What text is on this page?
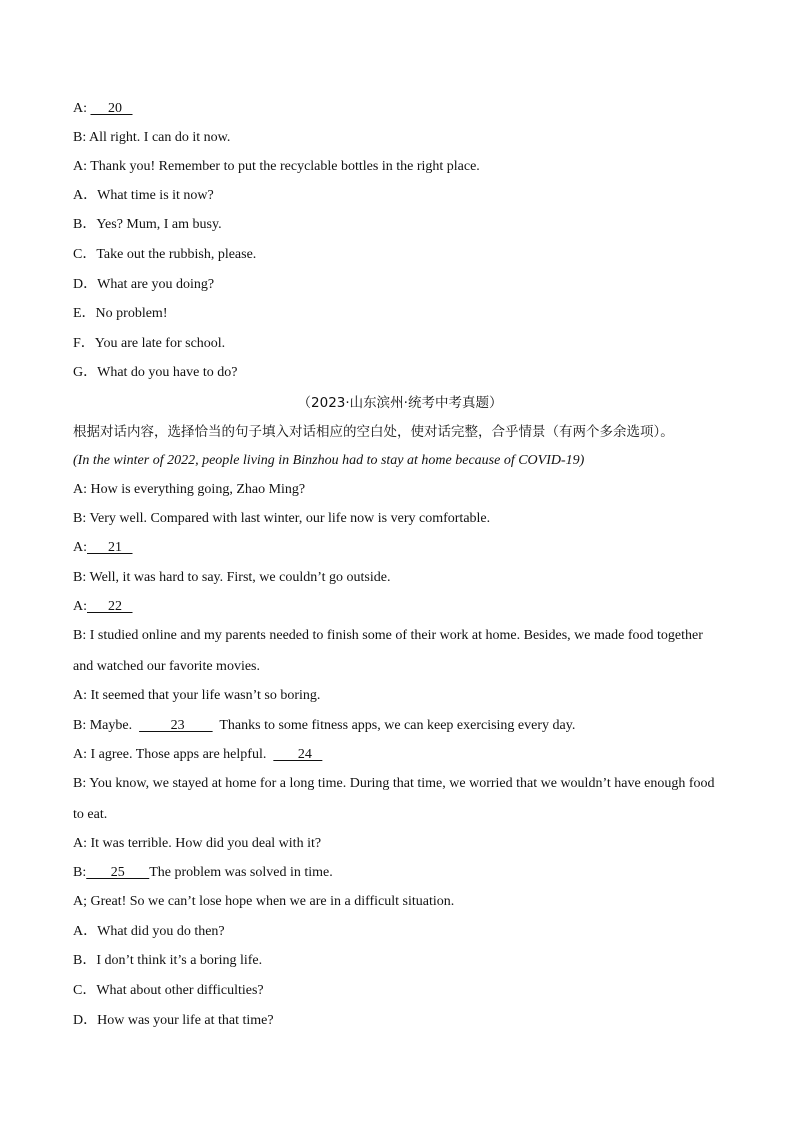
A:      20
B: All right. I can do it now.
A: Thank you! Remember to put the recyclable bottles in the right place.
A．What time is it now?
B．Yes? Mum, I am busy.
C．Take out the rubbish, please.
D．What are you doing?
E．No problem!
F．You are late for school.
G．What do you have to do?
（2023·山东滨州·统考中考真题）
根据对话内容，选择恰当的句子填入对话相应的空白处，使对话完整，合乎情景（有两个多余选项）。
(In the winter of 2022, people living in Binzhou had to stay at home because of COVID-19)
A: How is everything going, Zhao Ming?
B: Very well. Compared with last winter, our life now is very comfortable.
A:      21
B: Well, it was hard to say. First, we couldn’t go outside.
A:      22
B: I studied online and my parents needed to finish some of their work at home. Besides, we made food together
and watched our favorite movies.
A: It seemed that your life wasn’t so boring.
B: Maybe.           23          Thanks to some fitness apps, we can keep exercising every day.
A: I agree. Those apps are helpful.         24
B: You know, we stayed at home for a long time. During that time, we worried that we wouldn’t have enough food
to eat.
A: It was terrible. How did you deal with it?
B:       25       The problem was solved in time.
A; Great! So we can’t lose hope when we are in a difficult situation.
A．What did you do then?
B．I don’t think it’s a boring life.
C．What about other difficulties?
D．How was your life at that time?
